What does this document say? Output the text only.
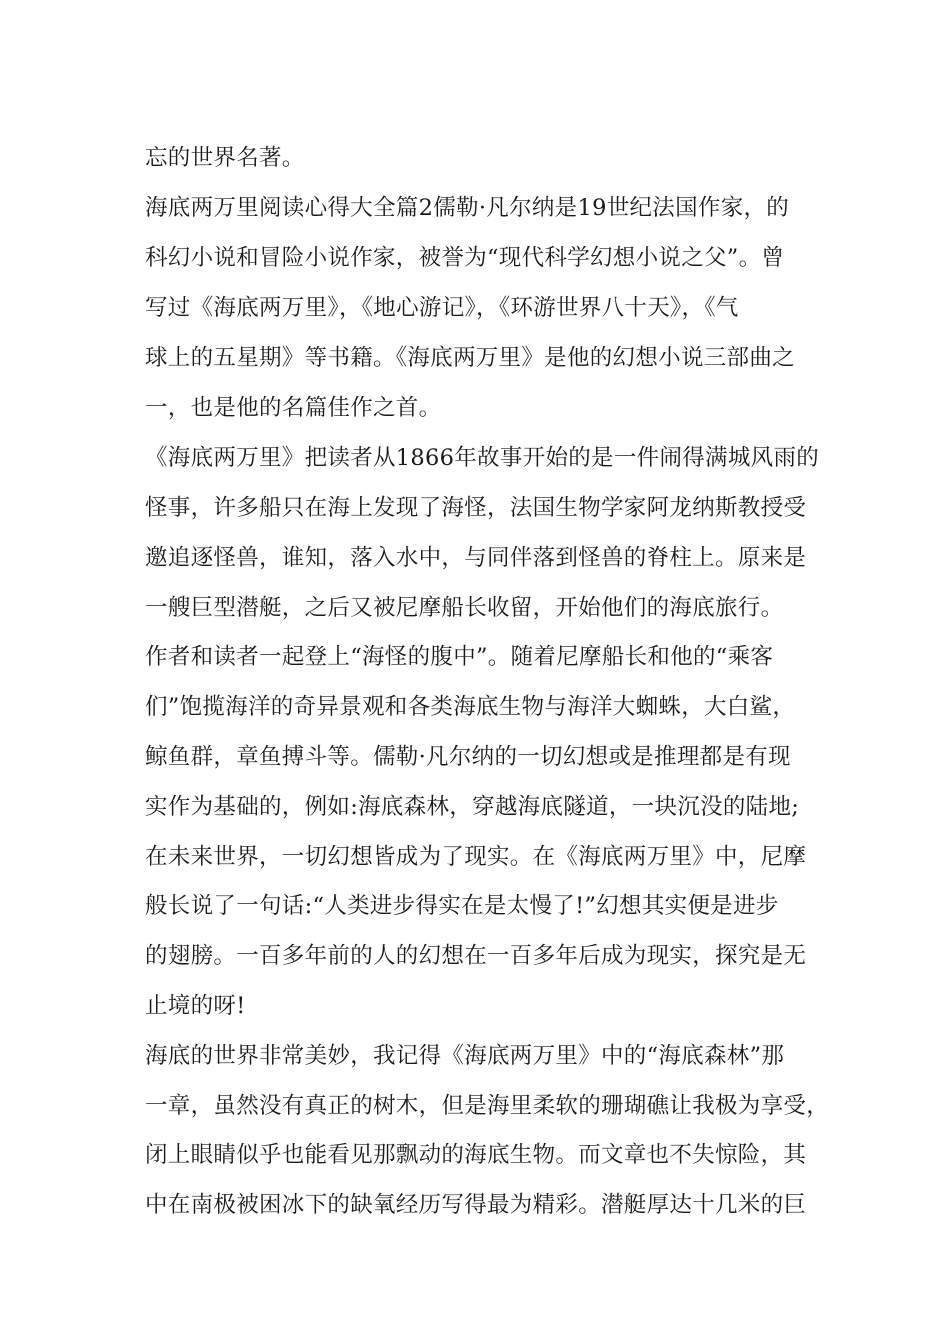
忘的世界名著。
海底两万里阅读心得大全篇2儒勒·凡尔纳是19世纪法国作家，的
科幻小说和冒险小说作家，被誉为“现代科学幻想小说之父”。曾
写过《海底两万里》，《地心游记》，《环游世界八十天》，《气
球上的五星期》等书籍。《海底两万里》是他的幻想小说三部曲之
一，也是他的名篇佳作之首。
《海底两万里》把读者从1866年故事开始的是一件闹得满城风雨的
怪事，许多船只在海上发现了海怪，法国生物学家阿龙纳斯教授受
邀追逐怪兽，谁知，落入水中，与同伴落到怪兽的脊柱上。原来是
一艘巨型潜艇，之后又被尼摩船长收留，开始他们的海底旅行。
作者和读者一起登上“海怪的腹中”。随着尼摩船长和他的“乘客
们”饱揽海洋的奇异景观和各类海底生物与海洋大蜘蛛，大白鲨，
鲸鱼群，章鱼搏斗等。儒勒·凡尔纳的一切幻想或是推理都是有现
实作为基础的，例如:海底森林，穿越海底隧道，一块沉没的陆地;
在未来世界，一切幻想皆成为了现实。在《海底两万里》中，尼摩
般长说了一句话:“人类进步得实在是太慢了!”幻想其实便是进步
的翅膀。一百多年前的人的幻想在一百多年后成为现实，探究是无
止境的呀!
海底的世界非常美妙，我记得《海底两万里》中的“海底森林”那
一章，虽然没有真正的树木，但是海里柔软的珊瑚礁让我极为享受，
闭上眼睛似乎也能看见那飘动的海底生物。而文章也不失惊险，其
中在南极被困冰下的缺氧经历写得最为精彩。潜艇厚达十几米的巨
